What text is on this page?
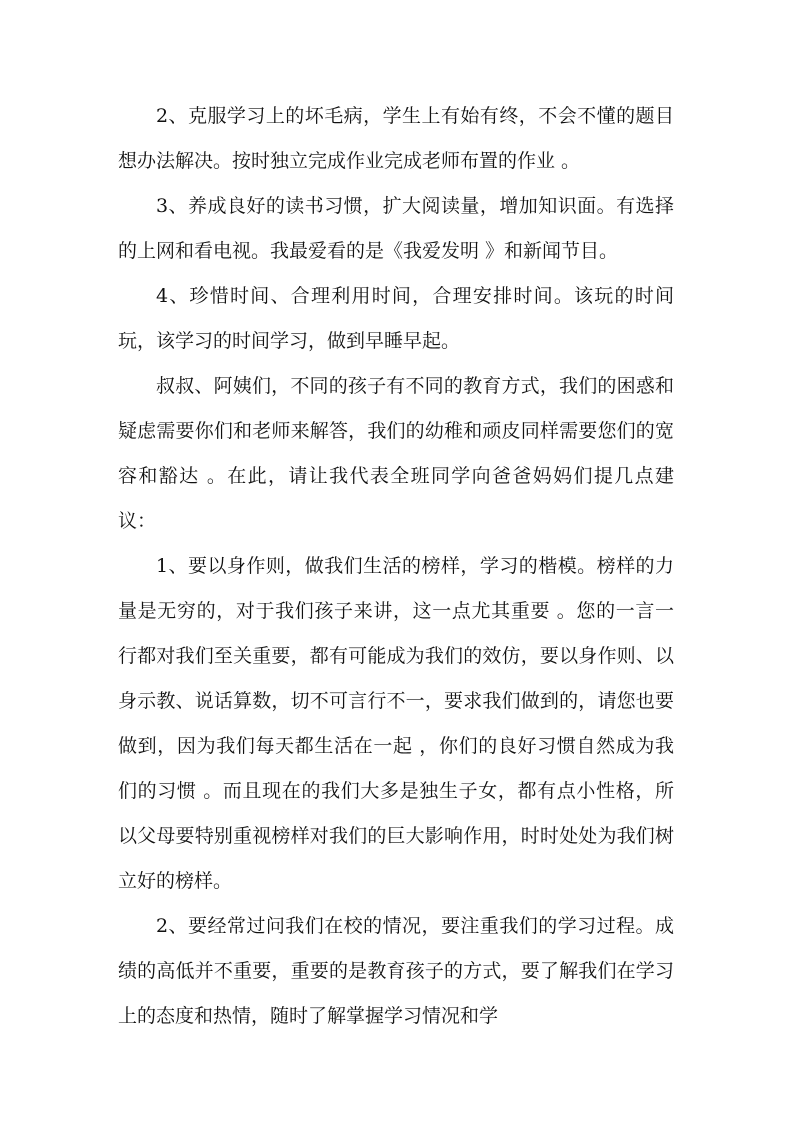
2、克服学习上的坏毛病，学生上有始有终，不会不懂的题目想办法解决。按时独立完成作业完成老师布置的作业 。

3、养成良好的读书习惯，扩大阅读量，增加知识面。有选择的上网和看电视。我最爱看的是《我爱发明 》和新闻节目。

4、珍惜时间、合理利用时间，合理安排时间。该玩的时间玩，该学习的时间学习，做到早睡早起。

叔叔、阿姨们，不同的孩子有不同的教育方式，我们的困惑和疑虑需要你们和老师来解答，我们的幼稚和顽皮同样需要您们的宽容和豁达 。在此，请让我代表全班同学向爸爸妈妈们提几点建议：

1、要以身作则，做我们生活的榜样，学习的楷模。榜样的力量是无穷的，对于我们孩子来讲，这一点尤其重要 。您的一言一行都对我们至关重要，都有可能成为我们的效仿，要以身作则、以身示教、说话算数，切不可言行不一，要求我们做到的，请您也要做到，因为我们每天都生活在一起 ，你们的良好习惯自然成为我们的习惯 。而且现在的我们大多是独生子女，都有点小性格，所以父母要特别重视榜样对我们的巨大影响作用，时时处处为我们树立好的榜样。

2、要经常过问我们在校的情况，要注重我们的学习过程。成绩的高低并不重要，重要的是教育孩子的方式，要了解我们在学习上的态度和热情，随时了解掌握学习情况和学
